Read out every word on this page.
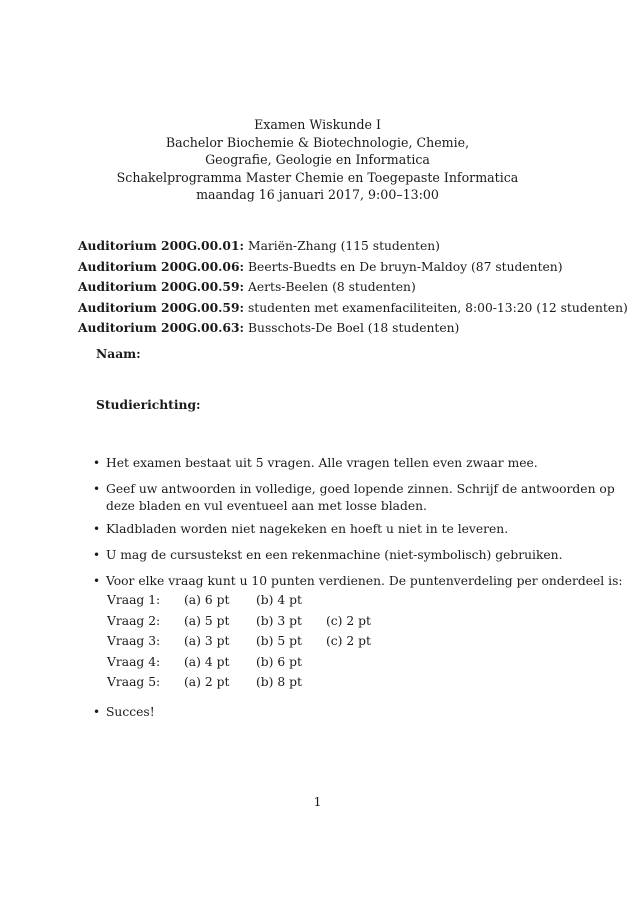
Examen Wiskunde I
Bachelor Biochemie & Biotechnologie, Chemie,
Geografie, Geologie en Informatica
Schakelprogramma Master Chemie en Toegepaste Informatica
maandag 16 januari 2017, 9:00–13:00
Auditorium 200G.00.01: Mariën-Zhang (115 studenten)
Auditorium 200G.00.06: Beerts-Buedts en De bruyn-Maldoy (87 studenten)
Auditorium 200G.00.59: Aerts-Beelen (8 studenten)
Auditorium 200G.00.59: studenten met examenfaciliteiten, 8:00-13:20 (12 studenten)
Auditorium 200G.00.63: Busschots-De Boel (18 studenten)
Naam:
Studierichting:
• Het examen bestaat uit 5 vragen. Alle vragen tellen even zwaar mee.
• Geef uw antwoorden in volledige, goed lopende zinnen. Schrijf de antwoorden op
deze bladen en vul eventueel aan met losse bladen.
• Kladbladen worden niet nagekeken en hoeft u niet in te leveren.
• U mag de cursustekst en een rekenmachine (niet-symbolisch) gebruiken.
• Voor elke vraag kunt u 10 punten verdienen. De puntenverdeling per onderdeel is:
• Succes!
Vraag 1: (a) 6 pt (b) 4 pt
Vraag 2: (a) 5 pt (b) 3 pt (c) 2 pt
Vraag 3: (a) 3 pt (b) 5 pt (c) 2 pt
Vraag 4: (a) 4 pt (b) 6 pt
Vraag 5: (a) 2 pt (b) 8 pt
1
